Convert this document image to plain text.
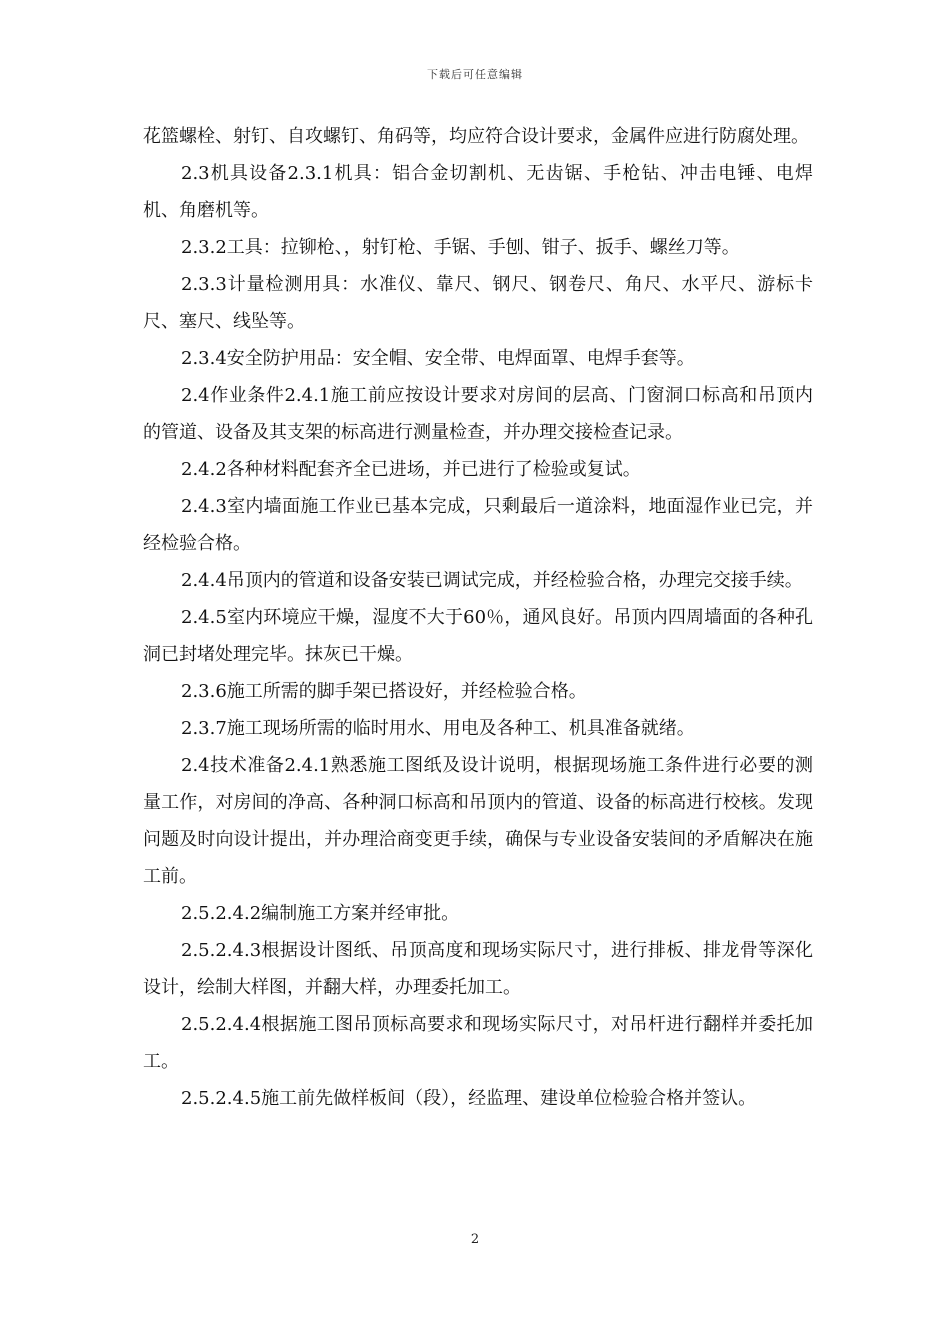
下载后可任意编辑

花篮螺栓、射钉、自攻螺钉、角码等，均应符合设计要求，金属件应进行防腐处理。

2.3机具设备2.3.1机具：铝合金切割机、无齿锯、手枪钻、冲击电锤、电焊机、角磨机等。

2.3.2工具：拉铆枪、，射钉枪、手锯、手刨、钳子、扳手、螺丝刀等。

2.3.3计量检测用具：水准仪、靠尺、钢尺、钢卷尺、角尺、水平尺、游标卡尺、塞尺、线坠等。

2.3.4安全防护用品：安全帽、安全带、电焊面罩、电焊手套等。

2.4作业条件2.4.1施工前应按设计要求对房间的层高、门窗洞口标高和吊顶内的管道、设备及其支架的标高进行测量检查，并办理交接检查记录。

2.4.2各种材料配套齐全已进场，并已进行了检验或复试。

2.4.3室内墙面施工作业已基本完成，只剩最后一道涂料，地面湿作业已完，并经检验合格。

2.4.4吊顶内的管道和设备安装已调试完成，并经检验合格，办理完交接手续。

2.4.5室内环境应干燥，湿度不大于60％，通风良好。吊顶内四周墙面的各种孔洞已封堵处理完毕。抹灰已干燥。

2.3.6施工所需的脚手架已搭设好，并经检验合格。

2.3.7施工现场所需的临时用水、用电及各种工、机具准备就绪。

2.4技术准备2.4.1熟悉施工图纸及设计说明，根据现场施工条件进行必要的测量工作，对房间的净高、各种洞口标高和吊顶内的管道、设备的标高进行校核。发现问题及时向设计提出，并办理洽商变更手续，确保与专业设备安装间的矛盾解决在施工前。

2.5.2.4.2编制施工方案并经审批。

2.5.2.4.3根据设计图纸、吊顶高度和现场实际尺寸，进行排板、排龙骨等深化设计，绘制大样图，并翻大样，办理委托加工。

2.5.2.4.4根据施工图吊顶标高要求和现场实际尺寸，对吊杆进行翻样并委托加工。

2.5.2.4.5施工前先做样板间（段），经监理、建设单位检验合格并签认。

2
